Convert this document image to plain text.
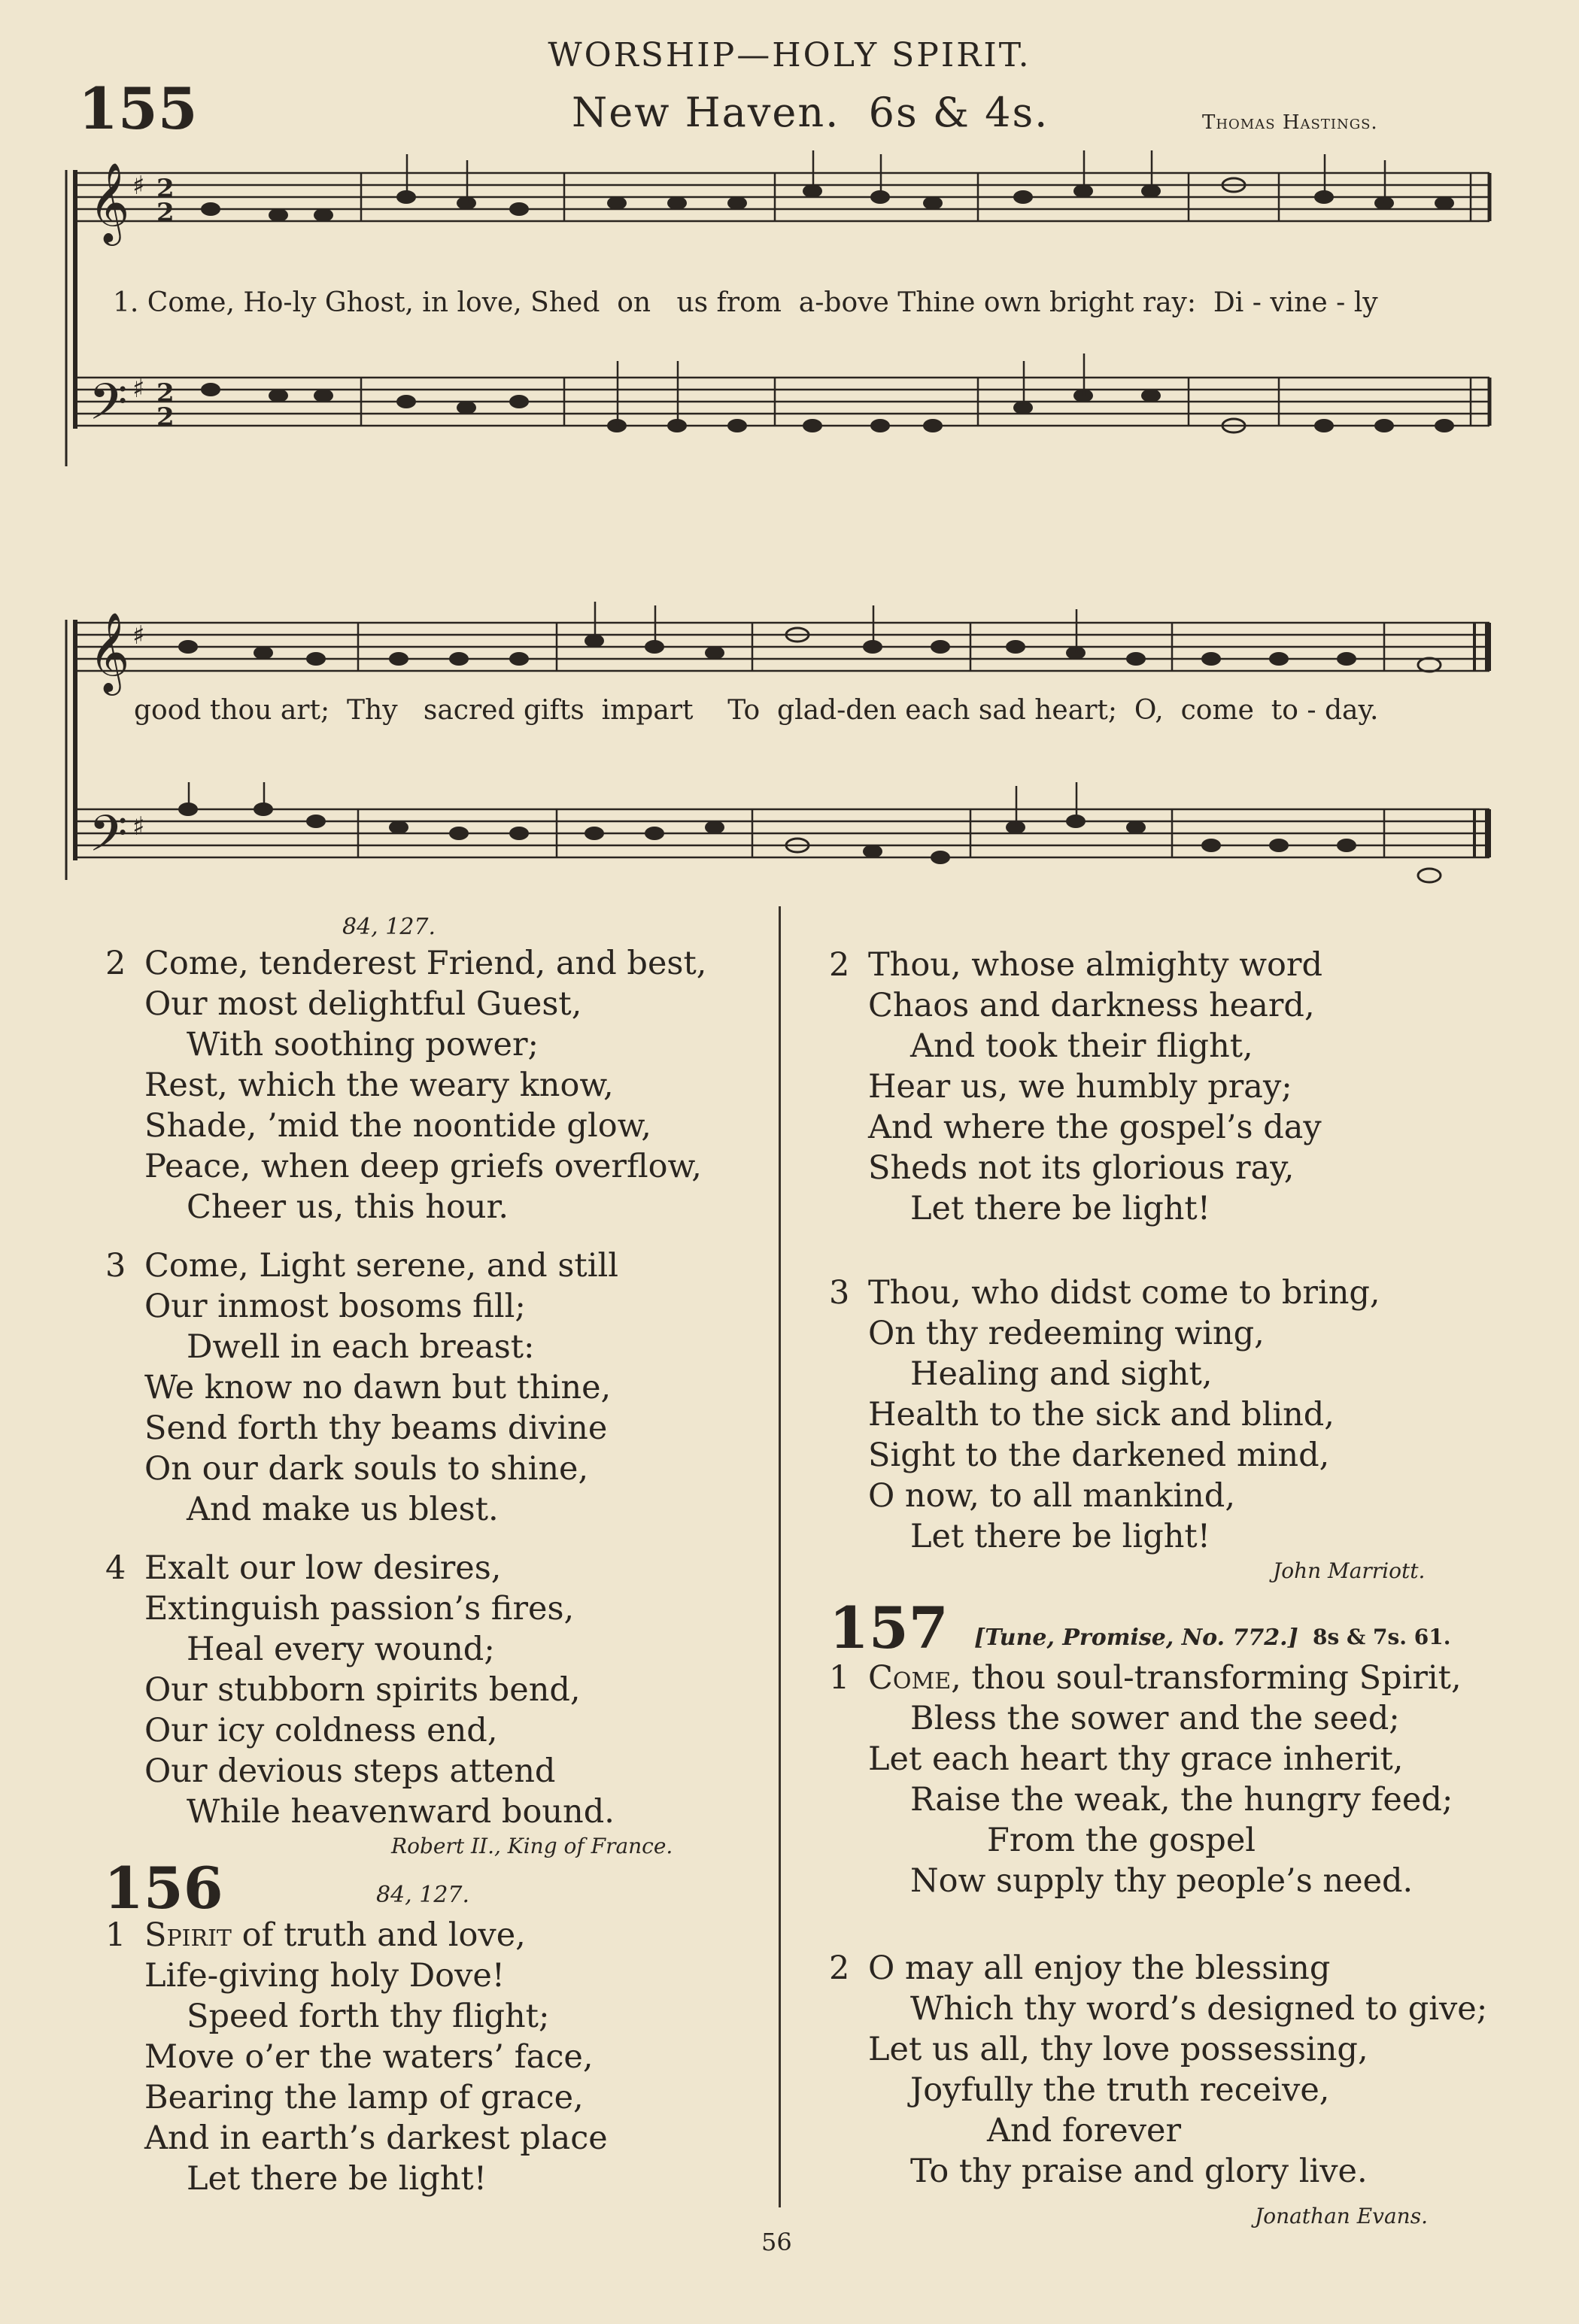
WORSHIP—HOLY SPIRIT.
155	New Haven. 6s & 4s.	Thomas Hastings.
𝄞
𝄢
𝄞
𝄢
♯
♯
♯
♯
2
2
2
2
1. Come, Ho-ly Ghost, in love, Shed  on   us from  a-bove Thine own bright ray:  Di - vine - ly
good thou art;  Thy   sacred gifts  impart    To  glad-den each sad heart;  O,  come  to - day.
84, 127.
2 Come, tenderest Friend, and best,
Our most delightful Guest,
With soothing power;
Rest, which the weary know,
Shade, ’mid the noontide glow,
Peace, when deep griefs overflow,
Cheer us, this hour.
3 Come, Light serene, and still
Our inmost bosoms fill;
Dwell in each breast:
We know no dawn but thine,
Send forth thy beams divine
On our dark souls to shine,
And make us blest.
4 Exalt our low desires,
Extinguish passion’s fires,
Heal every wound;
Our stubborn spirits bend,
Our icy coldness end,
Our devious steps attend
While heavenward bound.
Robert II., King of France.
156	84, 127.
1 Spirit of truth and love,
Life-giving holy Dove!
Speed forth thy flight;
Move o’er the waters’ face,
Bearing the lamp of grace,
And in earth’s darkest place
Let there be light!
2 Thou, whose almighty word
Chaos and darkness heard,
And took their flight,
Hear us, we humbly pray;
And where the gospel’s day
Sheds not its glorious ray,
Let there be light!
3 Thou, who didst come to bring,
On thy redeeming wing,
Healing and sight,
Health to the sick and blind,
Sight to the darkened mind,
O now, to all mankind,
Let there be light!
John Marriott.
157 [Tune, Promise, No. 772.] 8s & 7s. 61.
1 Come, thou soul-transforming Spirit,
Bless the sower and the seed;
Let each heart thy grace inherit,
Raise the weak, the hungry feed;
From the gospel
Now supply thy people’s need.
2 O may all enjoy the blessing
Which thy word’s designed to give;
Let us all, thy love possessing,
Joyfully the truth receive,
And forever
To thy praise and glory live.
Jonathan Evans.
56
